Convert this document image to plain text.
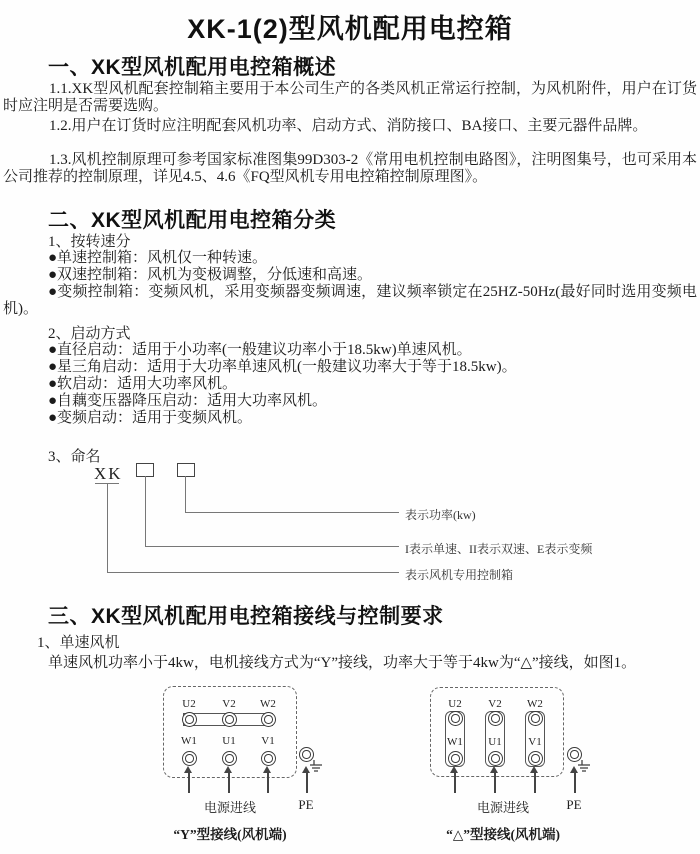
XK-1(2)型风机配用电控箱
一、XK型风机配用电控箱概述
1.1.XK型风机配套控制箱主要用于本公司生产的各类风机正常运行控制，为风机附件，用户在订货时应注明是否需要选购。
1.2.用户在订货时应注明配套风机功率、启动方式、消防接口、BA接口、主要元器件品牌。
1.3.风机控制原理可参考国家标准图集99D303-2《常用电机控制电路图》，注明图集号，也可采用本公司推荐的控制原理，详见4.5、4.6《FQ型风机专用电控箱控制原理图》。
二、XK型风机配用电控箱分类
1、按转速分
●单速控制箱：风机仅一种转速。
●双速控制箱：风机为变极调整，分低速和高速。
●变频控制箱：变频风机，采用变频器变频调速，建议频率锁定在25HZ-50Hz(最好同时选用变频电机)。
2、启动方式
●直径启动：适用于小功率(一般建议功率小于18.5kw)单速风机。
●星三角启动：适用于大功率单速风机(一般建议功率大于等于18.5kw)。
●软启动：适用大功率风机。
●自藕变压器降压启动：适用大功率风机。
●变频启动：适用于变频风机。
3、命名
XK
表示功率(kw)
I表示单速、II表示双速、E表示变频
表示风机专用控制箱
三、XK型风机配用电控箱接线与控制要求
1、单速风机
单速风机功率小于4kw，电机接线方式为“Y”接线，功率大于等于4kw为“△”接线，如图1。
U2	V2	W2
W1	U1	V1
电源进线	PE
“Y”型接线(风机端)
U2	V2	W2
W1	U1	V1
电源进线	PE
“△”型接线(风机端)
